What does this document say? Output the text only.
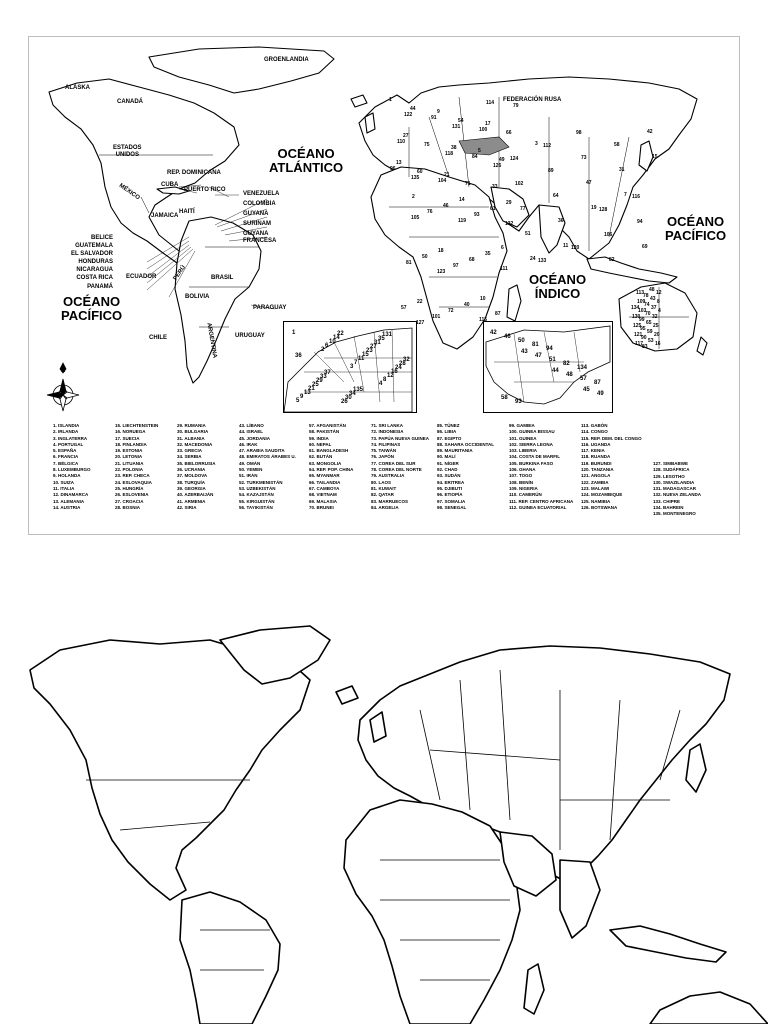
1
2
3
4
5
6
7
8
9
10
11
12
13
14
15
16
21
22
23
24
25
26
27
28
29
30
31
32
33
34
35
36
37
135
131	42
43
44
45
46
47
48
49
50
51
57
58
81
82
87
93
94
134
GROENLANDIA
ALASKA
CANADÁ
ESTADOS
UNIDOS
MÉXICO	CUBA
REP. DOMINICANA
PUERTO RICO
HAITÍ
JAMAICA
VENEZUELA
COLOMBIA
GUYANA
SURINAM
GUYANA
FRANCESA
BELICE
GUATEMALA
EL SALVADOR
HONDURAS
NICARAGUA
COSTA RICA
PANAMÁ
ECUADOR	PERÚ	BRASIL
BOLIVIA
PARAGUAY
CHILE	ARGENTINA	URUGUAY
FEDERACIÓN RUSA
OCÉANO
ATLÁNTICO
OCÉANO
PACÍFICO
OCÉANO
PACÍFICO
OCÉANO
ÍNDICO
N
1
2
3
4
5
6
7
8
9
10
11
12
13
14
15
16
17
18
19
20
21
22
24
25
27
29
31
32
33
35
36
37
38
40
42
43
44
46
47
48
49
50
51
53
54
57
58
59
60
61
64
65
66
68
69
70
71
72
73
74
75
76	77
78
79
81	82
83
84
87
89
90
91
93
94
95
96
97
98
99
100
101
102
103
104
105
106
109
110
111
112
113
114
115
116
117
118
119
120
121
122
123
124
125
126
127
128
130
131
132
133
134
135
1. ISLANDIA
2. IRLANDA
3. INGLATERRA
4. PORTUGAL
5. ESPAÑA
6. FRANCIA
7. BÉLGICA
8. LUXEMBURGO
9. HOLANDA
10. SUIZA
11. ITALIA
12. DINAMARCA
13. ALEMANIA
14. AUSTRIA
15. LIECHTENSTEIN
16. NORUEGA
17. SUECIA
18. FINLANDIA
19. ESTONIA
20. LETONIA
21. LITUANIA
22. POLONIA
23. REP. CHECA
24. ESLOVAQUIA
25. HUNGRÍA
26. ESLOVENIA
27. CROACIA
28. BOSNIA
29. RUMANIA
30. BULGARIA
31. ALBANIA
32. MACEDONIA
33. GRECIA
34. SERBIA
35. BIELORRUSIA
36. UCRANIA
37. MOLDOVA
38. TURQUÍA
39. GEORGIA
40. AZERBAIJÁN
41. ARMENIA
42. SIRIA
43. LÍBANO
44. ISRAEL
45. JORDANIA
46. IRAK
47. ARABIA SAUDITA
48. EMIRATOS ÁRABES U.
49. OMÁN
50. YEMEN
51. IRÁN
52. TURKMENISTÁN
53. UZBEKISTÁN
54. KAZAJSTÁN
55. KIRGUISTÁN
56. TAYIKISTÁN
57. AFGANISTÁN
58. PAKISTÁN
59. INDIA
60. NEPAL
61. BANGLADESH
62. BUTÁN
63. MONGOLIA
64. REP. POP. CHINA
65. MYANMAR
66. TAILANDIA
67. CAMBOYA
68. VIETNAM
69. MALASIA
70. BRUNEI
71. SRI LANKA
72. INDONESIA
73. PAPÚA NUEVA GUINEA
74. FILIPINAS
75. TAIWÁN
76. JAPÓN
77. COREA DEL SUR
78. COREA DEL NORTE
79. AUSTRALIA
80. LAOS
81. KUWAIT
82. QATAR
83. MARRUECOS
84. ARGELIA
85. TÚNEZ
86. LIBIA
87. EGIPTO
88. SAHARA OCCIDENTAL
89. MAURITANIA
90. MALÍ
91. NÍGER
92. CHAD
93. SUDÁN
94. ERITREA
95. DJIBUTI
96. ETIOPÍA
97. SOMALIA
98. SENEGAL
99. GAMBIA
100. GUINEA BISSAU
101. GUINEA
102. SIERRA LEONA
103. LIBERIA
104. COSTA DE MARFIL
105. BURKINA FASO
106. GHANA
107. TOGO
108. BENÍN
109. NIGERIA
110. CAMERÚN
111. REP. CENTRO AFRICANA
112. GUINEA ECUATORIAL
113. GABÓN
114. CONGO
115. REP. DEM. DEL CONGO
116. UGANDA
117. KENIA
118. RUANDA
119. BURUNDI
120. TANZANIA
121. ANGOLA
122. ZAMBIA
123. MALAWI
124. MOZAMBIQUE
125. NAMIBIA
126. BOTSWANA
127. SIMBABWE
128. SUDÁFRICA
129. LESOTHO
130. SWAZILANDIA
131. MADAGASCAR
132. NUEVA ZELANDA
133. CHIPRE
134. BAHREIN
135. MONTENEGRO
